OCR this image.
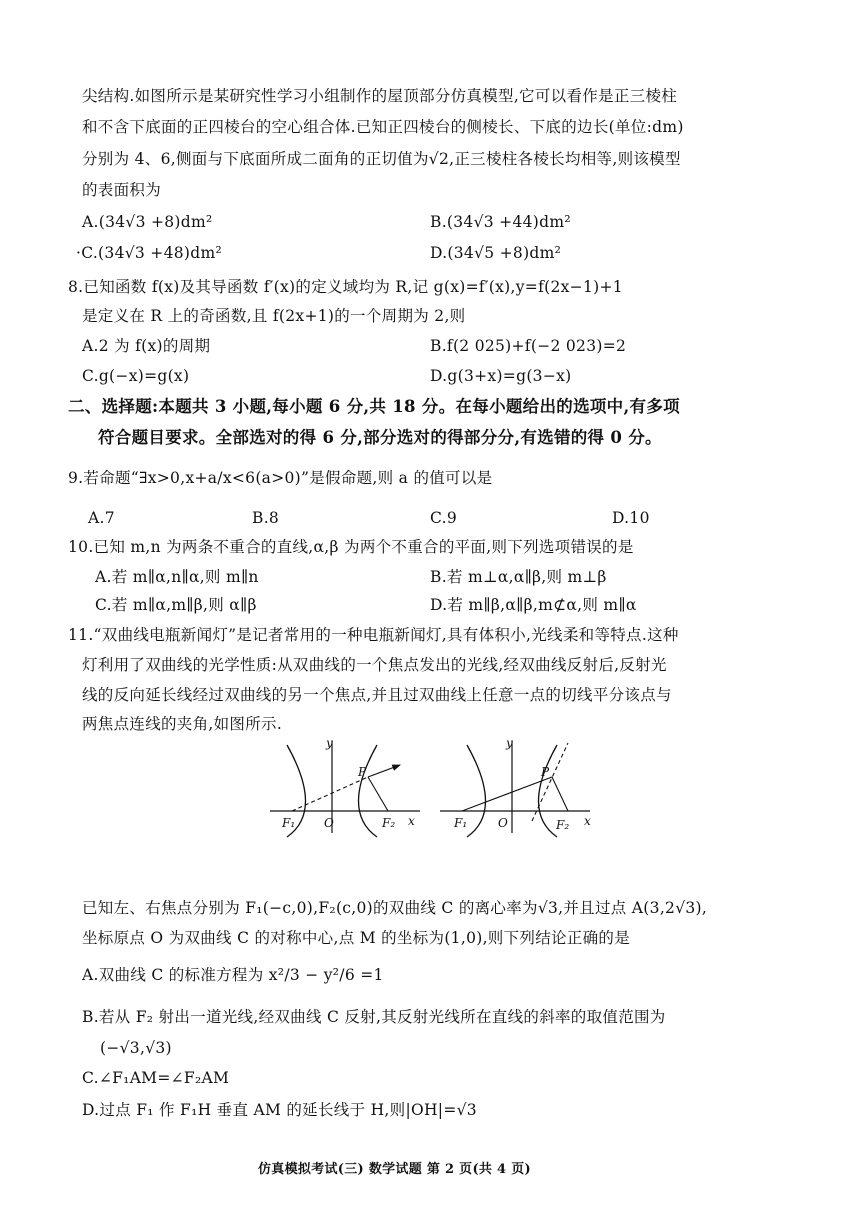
尖结构.如图所示是某研究性学习小组制作的屋顶部分仿真模型,它可以看作是正三棱柱
和不含下底面的正四棱台的空心组合体.已知正四棱台的侧棱长、下底的边长(单位:dm)
分别为 4、6,侧面与下底面所成二面角的正切值为√2,正三棱柱各棱长均相等,则该模型
的表面积为
A.(34√3 +8)dm²	B.(34√3 +44)dm²
·C.(34√3 +48)dm²	D.(34√5 +8)dm²
8.已知函数 f(x)及其导函数 f′(x)的定义域均为 R,记 g(x)=f′(x),y=f(2x−1)+1
是定义在 R 上的奇函数,且 f(2x+1)的一个周期为 2,则
A.2 为 f(x)的周期	B.f(2 025)+f(−2 023)=2
C.g(−x)=g(x)	D.g(3+x)=g(3−x)
二、选择题:本题共 3 小题,每小题 6 分,共 18 分。在每小题给出的选项中,有多项
符合题目要求。全部选对的得 6 分,部分选对的得部分分,有选错的得 0 分。
9.若命题“∃x>0,x+a/x<6(a>0)”是假命题,则 a 的值可以是
A.7	B.8	C.9	D.10
10.已知 m,n 为两条不重合的直线,α,β 为两个不重合的平面,则下列选项错误的是
A.若 m∥α,n∥α,则 m∥n	B.若 m⊥α,α∥β,则 m⊥β
C.若 m∥α,m∥β,则 α∥β	D.若 m∥β,α∥β,m⊄α,则 m∥α
11.“双曲线电瓶新闻灯”是记者常用的一种电瓶新闻灯,具有体积小,光线柔和等特点.这种
灯利用了双曲线的光学性质:从双曲线的一个焦点发出的光线,经双曲线反射后,反射光
线的反向延长线经过双曲线的另一个焦点,并且过双曲线上任意一点的切线平分该点与
两焦点连线的夹角,如图所示.
y
x
O
P
F₁	F₂
y
x
O
P
F₁	F₂
已知左、右焦点分别为 F₁(−c,0),F₂(c,0)的双曲线 C 的离心率为√3,并且过点 A(3,2√3),
坐标原点 O 为双曲线 C 的对称中心,点 M 的坐标为(1,0),则下列结论正确的是
A.双曲线 C 的标准方程为 x²/3 − y²/6 =1
B.若从 F₂ 射出一道光线,经双曲线 C 反射,其反射光线所在直线的斜率的取值范围为
(−√3,√3)
C.∠F₁AM=∠F₂AM
D.过点 F₁ 作 F₁H 垂直 AM 的延长线于 H,则|OH|=√3
仿真模拟考试(三) 数学试题 第 2 页(共 4 页)
